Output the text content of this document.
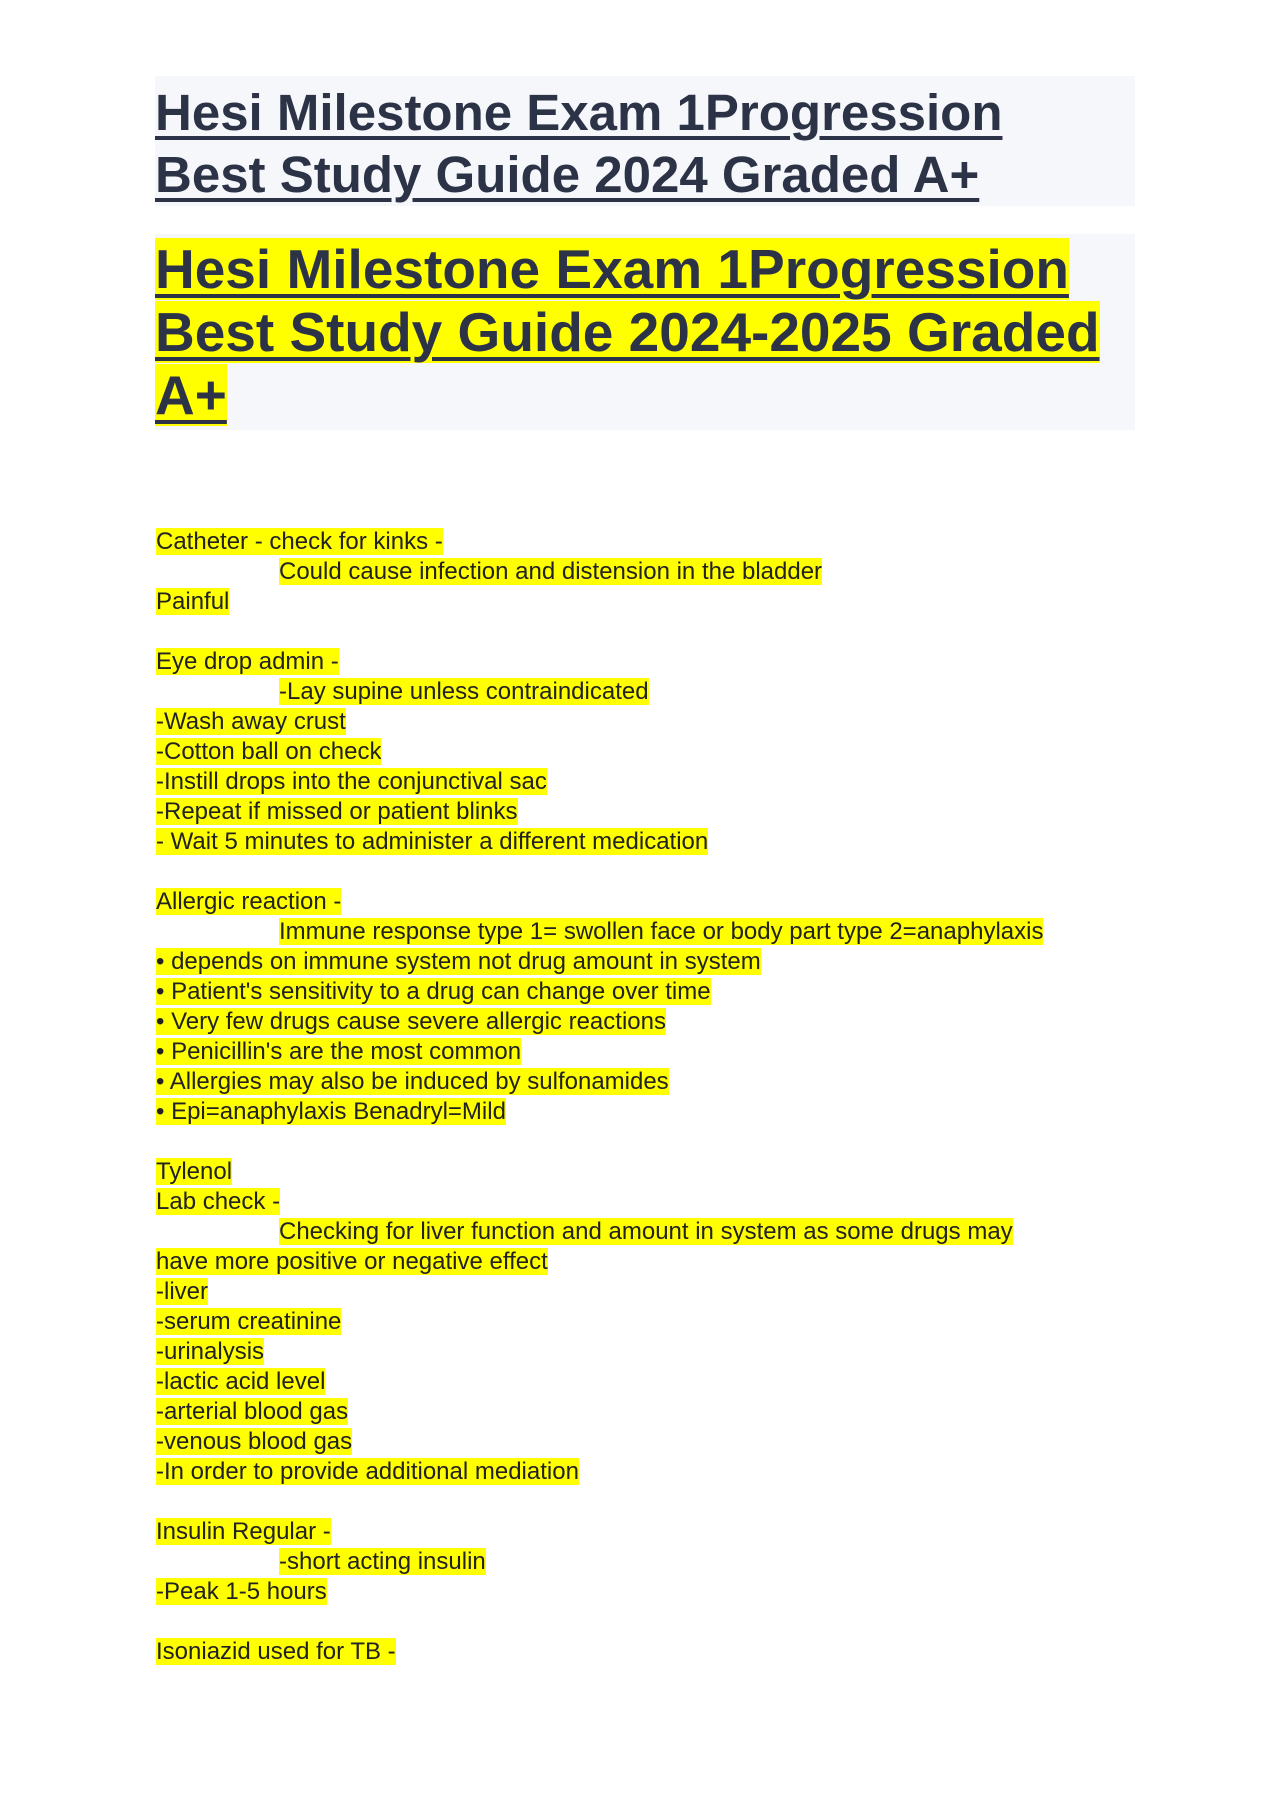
Hesi Milestone Exam 1Progression
Best Study Guide 2024 Graded A+
Hesi Milestone Exam 1Progression
Best Study Guide 2024-2025 Graded
A+
Catheter - check for kinks -
Could cause infection and distension in the bladder
Painful
Eye drop admin -
-Lay supine unless contraindicated
-Wash away crust
-Cotton ball on check
-Instill drops into the conjunctival sac
-Repeat if missed or patient blinks
- Wait 5 minutes to administer a different medication
Allergic reaction -
Immune response type 1= swollen face or body part type 2=anaphylaxis
• depends on immune system not drug amount in system
• Patient's sensitivity to a drug can change over time
• Very few drugs cause severe allergic reactions
• Penicillin's are the most common
• Allergies may also be induced by sulfonamides
• Epi=anaphylaxis Benadryl=Mild
Tylenol
Lab check -
Checking for liver function and amount in system as some drugs may
have more positive or negative effect
-liver
-serum creatinine
-urinalysis
-lactic acid level
-arterial blood gas
-venous blood gas
-In order to provide additional mediation
Insulin Regular -
-short acting insulin
-Peak 1-5 hours
Isoniazid used for TB -
